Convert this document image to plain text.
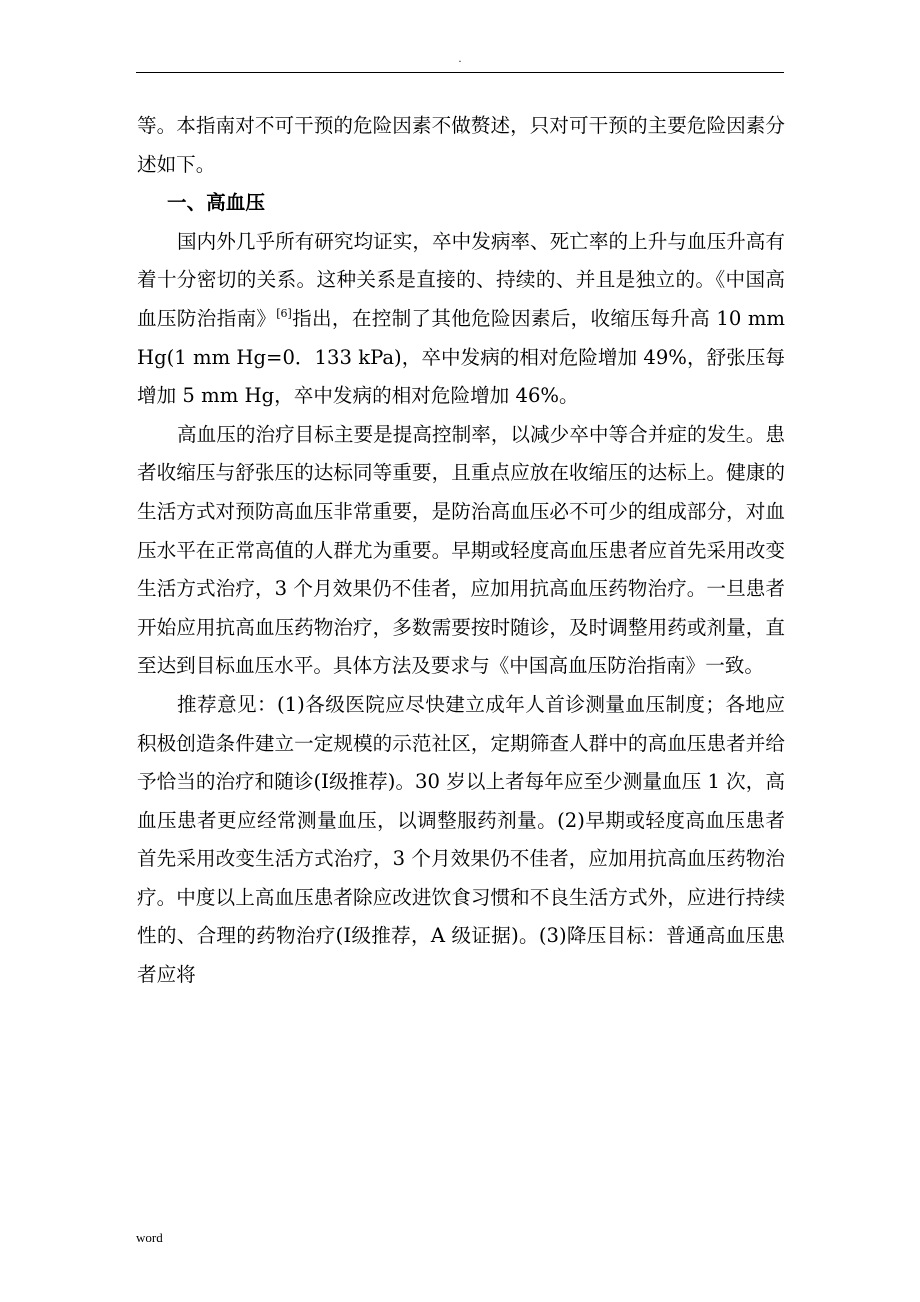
.

等。本指南对不可干预的危险因素不做赘述，只对可干预的主要危险因素分述如下。

一、高血压

国内外几乎所有研究均证实，卒中发病率、死亡率的上升与血压升高有着十分密切的关系。这种关系是直接的、持续的、并且是独立的。《中国高血压防治指南》[6]指出，在控制了其他危险因素后，收缩压每升高 10 mm Hg(1 mm Hg=0．133 kPa)，卒中发病的相对危险增加 49%，舒张压每增加 5 mm Hg，卒中发病的相对危险增加 46%。

高血压的治疗目标主要是提高控制率，以减少卒中等合并症的发生。患者收缩压与舒张压的达标同等重要，且重点应放在收缩压的达标上。健康的生活方式对预防高血压非常重要，是防治高血压必不可少的组成部分，对血压水平在正常高值的人群尤为重要。早期或轻度高血压患者应首先采用改变生活方式治疗，3 个月效果仍不佳者，应加用抗高血压药物治疗。一旦患者开始应用抗高血压药物治疗，多数需要按时随诊，及时调整用药或剂量，直至达到目标血压水平。具体方法及要求与《中国高血压防治指南》一致。

推荐意见：(1)各级医院应尽快建立成年人首诊测量血压制度；各地应积极创造条件建立一定规模的示范社区，定期筛查人群中的高血压患者并给予恰当的治疗和随诊(Ⅰ级推荐)。30 岁以上者每年应至少测量血压 1 次，高血压患者更应经常测量血压，以调整服药剂量。(2)早期或轻度高血压患者首先采用改变生活方式治疗，3 个月效果仍不佳者，应加用抗高血压药物治疗。中度以上高血压患者除应改进饮食习惯和不良生活方式外，应进行持续性的、合理的药物治疗(Ⅰ级推荐，A 级证据)。(3)降压目标：普通高血压患者应将

word
